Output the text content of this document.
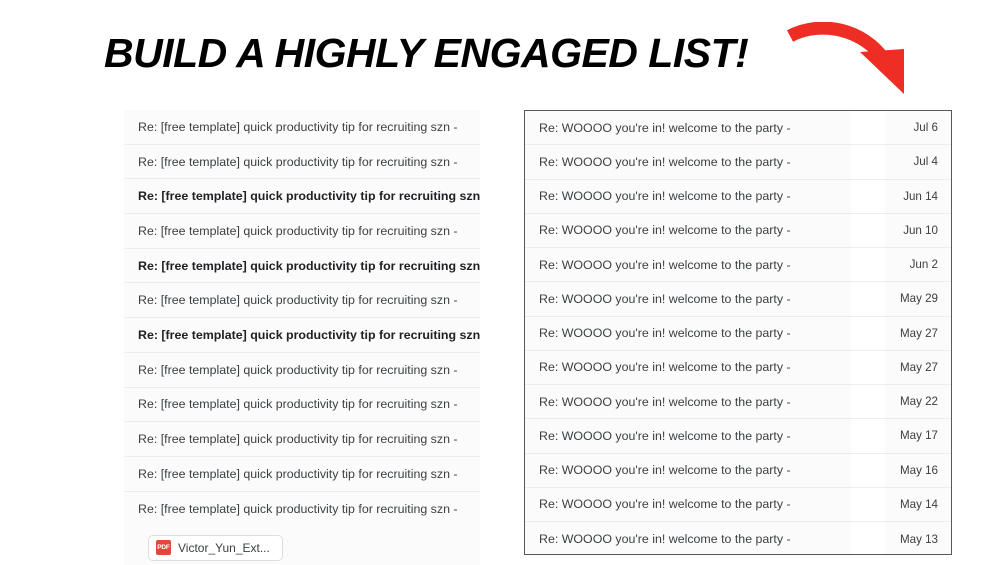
BUILD A HIGHLY ENGAGED LIST!
Re: [free template] quick productivity tip for recruiting szn -
Re: [free template] quick productivity tip for recruiting szn -
Re: [free template] quick productivity tip for recruiting szn
Re: [free template] quick productivity tip for recruiting szn -
Re: [free template] quick productivity tip for recruiting szn
Re: [free template] quick productivity tip for recruiting szn -
Re: [free template] quick productivity tip for recruiting szn
Re: [free template] quick productivity tip for recruiting szn -
Re: [free template] quick productivity tip for recruiting szn -
Re: [free template] quick productivity tip for recruiting szn -
Re: [free template] quick productivity tip for recruiting szn -
Re: [free template] quick productivity tip for recruiting szn -
PDF Victor_Yun_Ext...
Re: WOOOO you're in! welcome to the party -	Jul 6
Re: WOOOO you're in! welcome to the party -	Jul 4
Re: WOOOO you're in! welcome to the party -	Jun 14
Re: WOOOO you're in! welcome to the party -	Jun 10
Re: WOOOO you're in! welcome to the party -	Jun 2
Re: WOOOO you're in! welcome to the party -	May 29
Re: WOOOO you're in! welcome to the party -	May 27
Re: WOOOO you're in! welcome to the party -	May 27
Re: WOOOO you're in! welcome to the party -	May 22
Re: WOOOO you're in! welcome to the party -	May 17
Re: WOOOO you're in! welcome to the party -	May 16
Re: WOOOO you're in! welcome to the party -	May 14
Re: WOOOO you're in! welcome to the party -	May 13
